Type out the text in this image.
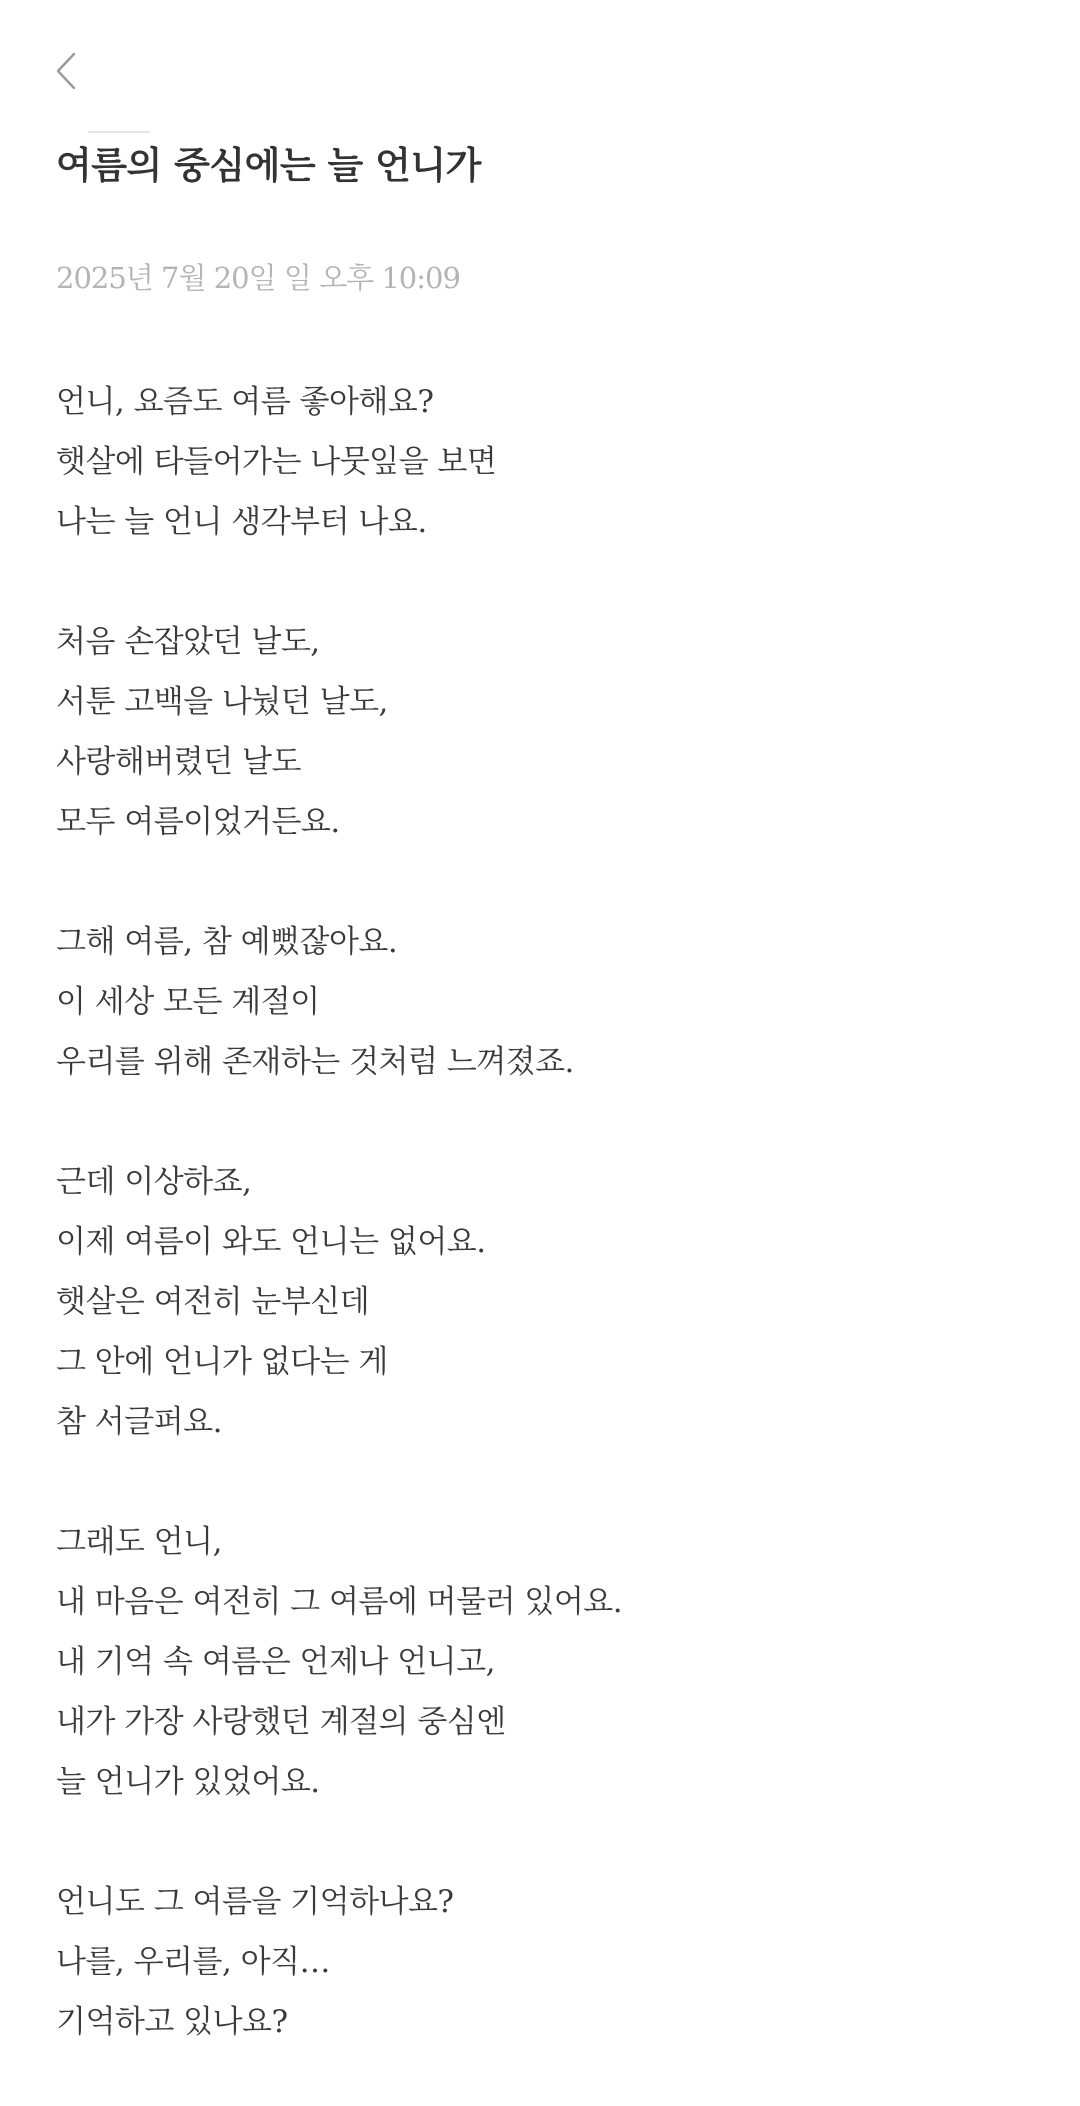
여름의 중심에는 늘 언니가

2025년 7월 20일 일 오후 10:09

언니, 요즘도 여름 좋아해요?
햇살에 타들어가는 나뭇잎을 보면
나는 늘 언니 생각부터 나요.
처음 손잡았던 날도,
서툰 고백을 나눴던 날도,
사랑해버렸던 날도
모두 여름이었거든요.
그해 여름, 참 예뻤잖아요.
이 세상 모든 계절이
우리를 위해 존재하는 것처럼 느껴졌죠.
근데 이상하죠,
이제 여름이 와도 언니는 없어요.
햇살은 여전히 눈부신데
그 안에 언니가 없다는 게
참 서글퍼요.
그래도 언니,
내 마음은 여전히 그 여름에 머물러 있어요.
내 기억 속 여름은 언제나 언니고,
내가 가장 사랑했던 계절의 중심엔
늘 언니가 있었어요.
언니도 그 여름을 기억하나요?
나를, 우리를, 아직…
기억하고 있나요?
